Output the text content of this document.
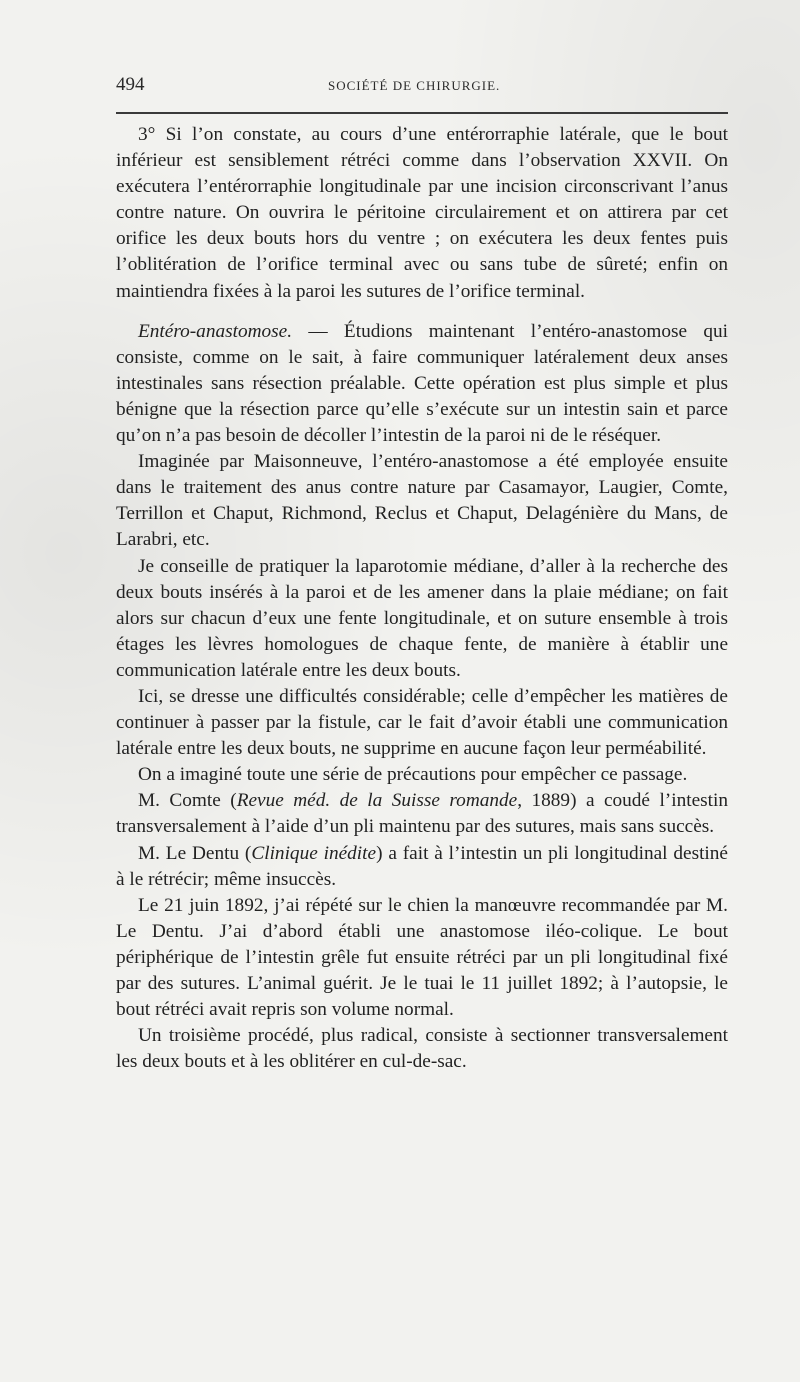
494	SOCIÉTÉ DE CHIRURGIE.

3° Si l’on constate, au cours d’une entérorraphie latérale, que le bout inférieur est sensiblement rétréci comme dans l’observation XXVII. On exécutera l’entérorraphie longitudinale par une incision circonscrivant l’anus contre nature. On ouvrira le péritoine circulairement et on attirera par cet orifice les deux bouts hors du ventre ; on exécutera les deux fentes puis l’oblitération de l’orifice terminal avec ou sans tube de sûreté; enfin on maintiendra fixées à la paroi les sutures de l’orifice terminal.

Entéro-anastomose. — Étudions maintenant l’entéro-anastomose qui consiste, comme on le sait, à faire communiquer latéralement deux anses intestinales sans résection préalable. Cette opération est plus simple et plus bénigne que la résection parce qu’elle s’exécute sur un intestin sain et parce qu’on n’a pas besoin de décoller l’intestin de la paroi ni de le réséquer.

Imaginée par Maisonneuve, l’entéro-anastomose a été employée ensuite dans le traitement des anus contre nature par Casamayor, Laugier, Comte, Terrillon et Chaput, Richmond, Reclus et Chaput, Delagénière du Mans, de Larabri, etc.

Je conseille de pratiquer la laparotomie médiane, d’aller à la recherche des deux bouts insérés à la paroi et de les amener dans la plaie médiane; on fait alors sur chacun d’eux une fente longitudinale, et on suture ensemble à trois étages les lèvres homologues de chaque fente, de manière à établir une communication latérale entre les deux bouts.

Ici, se dresse une difficultés considérable; celle d’empêcher les matières de continuer à passer par la fistule, car le fait d’avoir établi une communication latérale entre les deux bouts, ne supprime en aucune façon leur perméabilité.

On a imaginé toute une série de précautions pour empêcher ce passage.

M. Comte (Revue méd. de la Suisse romande, 1889) a coudé l’intestin transversalement à l’aide d’un pli maintenu par des sutures, mais sans succès.

M. Le Dentu (Clinique inédite) a fait à l’intestin un pli longitudinal destiné à le rétrécir; même insuccès.

Le 21 juin 1892, j’ai répété sur le chien la manœuvre recommandée par M. Le Dentu. J’ai d’abord établi une anastomose iléo-colique. Le bout périphérique de l’intestin grêle fut ensuite rétréci par un pli longitudinal fixé par des sutures. L’animal guérit. Je le tuai le 11 juillet 1892; à l’autopsie, le bout rétréci avait repris son volume normal.

Un troisième procédé, plus radical, consiste à sectionner transversalement les deux bouts et à les oblitérer en cul-de-sac.
